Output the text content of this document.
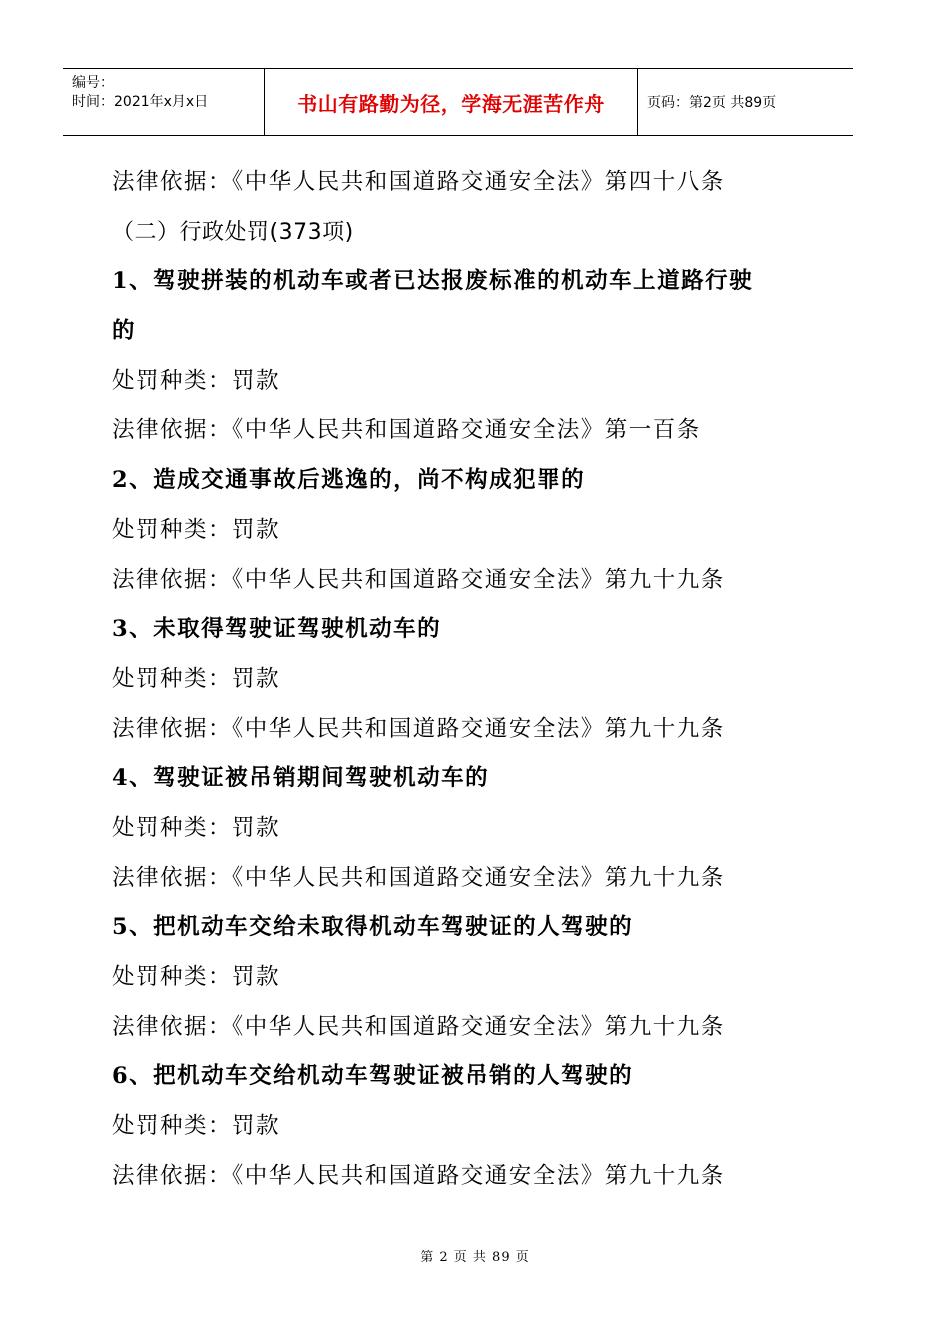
编号：
时间：2021年x月x日	书山有路勤为径，学海无涯苦作舟	页码：第2页 共89页
法律依据：《中华人民共和国道路交通安全法》第四十八条
（二）行政处罚(373项)
1、驾驶拼装的机动车或者已达报废标准的机动车上道路行驶
的
处罚种类：罚款
法律依据：《中华人民共和国道路交通安全法》第一百条
2、造成交通事故后逃逸的，尚不构成犯罪的
处罚种类：罚款
法律依据：《中华人民共和国道路交通安全法》第九十九条
3、未取得驾驶证驾驶机动车的
处罚种类：罚款
法律依据：《中华人民共和国道路交通安全法》第九十九条
4、驾驶证被吊销期间驾驶机动车的
处罚种类：罚款
法律依据：《中华人民共和国道路交通安全法》第九十九条
5、把机动车交给未取得机动车驾驶证的人驾驶的
处罚种类：罚款
法律依据：《中华人民共和国道路交通安全法》第九十九条
6、把机动车交给机动车驾驶证被吊销的人驾驶的
处罚种类：罚款
法律依据：《中华人民共和国道路交通安全法》第九十九条
第 2 页 共 89 页
